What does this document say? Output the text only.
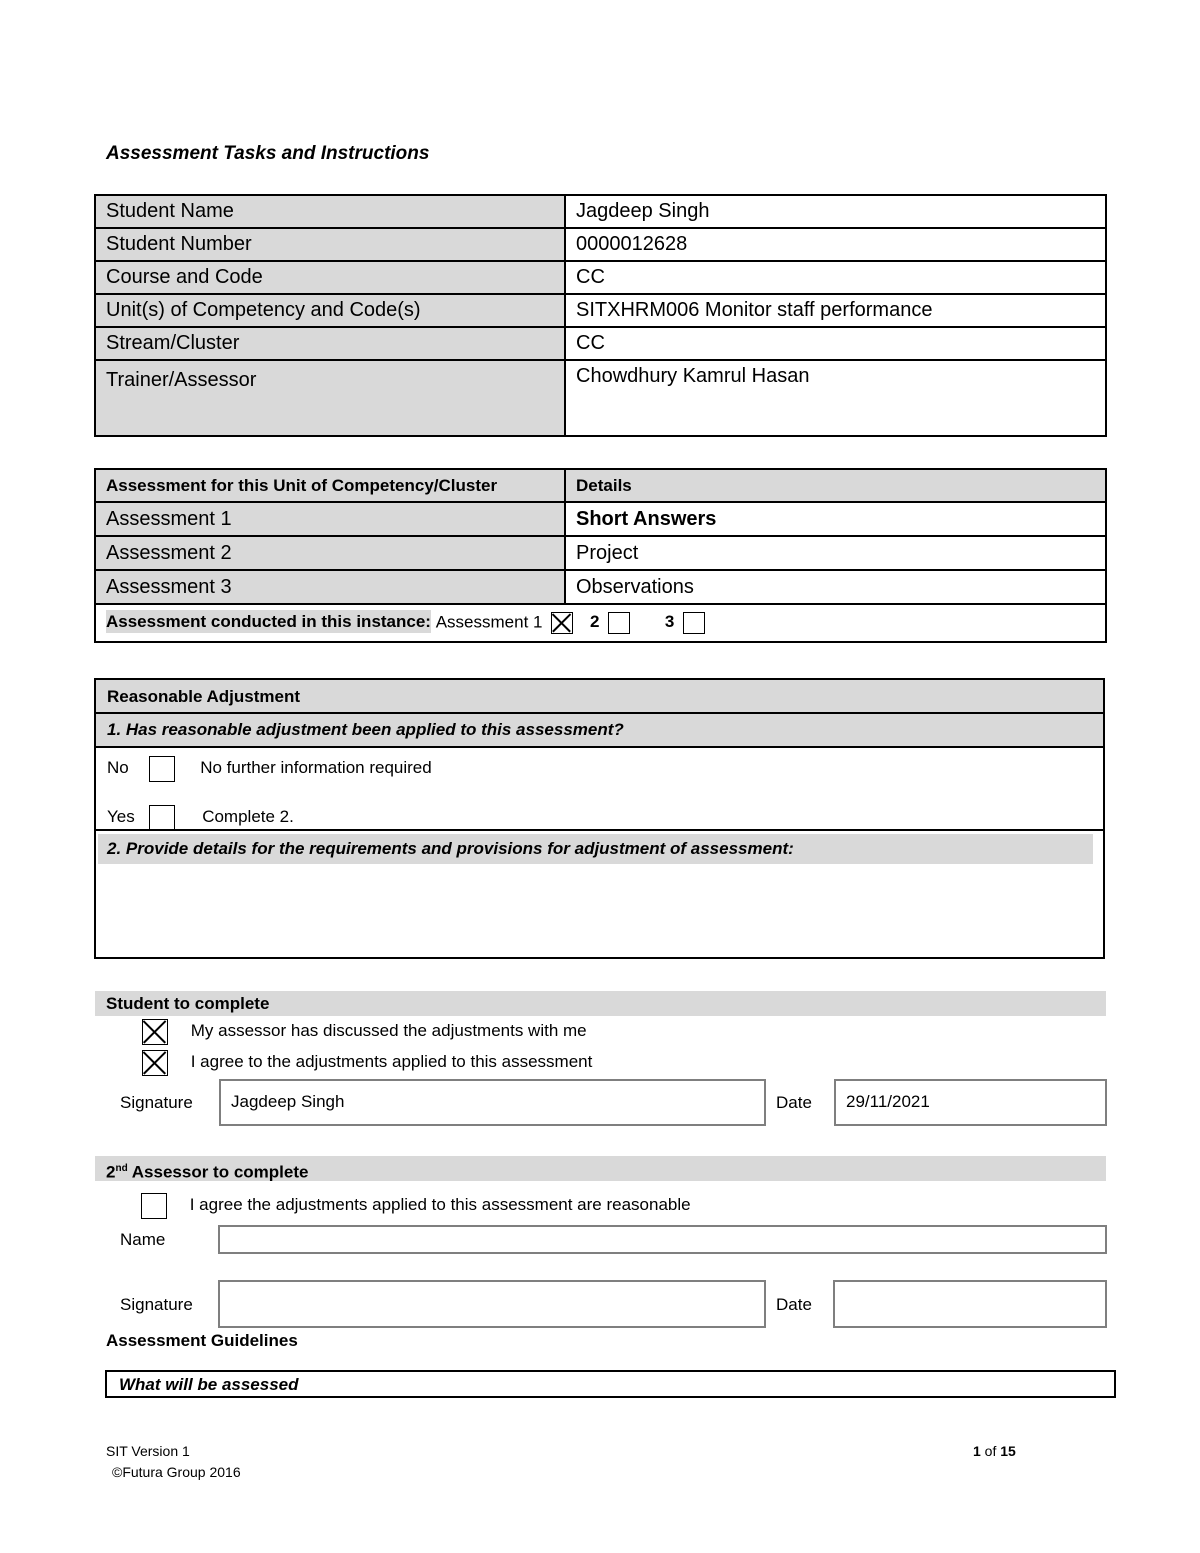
Assessment Tasks and Instructions
Student Name	Jagdeep Singh
Student Number	0000012628
Course and Code	CC
Unit(s) of Competency and Code(s)	SITXHRM006 Monitor staff performance
Stream/Cluster	CC
Trainer/Assessor	Chowdhury Kamrul Hasan
Assessment for this Unit of Competency/Cluster	Details
Assessment 1	Short Answers
Assessment 2	Project
Assessment 3	Observations
Assessment conducted in this instance: Assessment 1 2 3	
Reasonable Adjustment
1. Has reasonable adjustment been applied to this assessment?
No	No further information required
Yes	Complete 2.
2. Provide details for the requirements and provisions for adjustment of assessment:
Student to complete
My assessor has discussed the adjustments with me
I agree to the adjustments applied to this assessment
Signature	Jagdeep Singh	Date	29/11/2021
2nd Assessor to complete
I agree the adjustments applied to this assessment are reasonable
Name
Signature	Date
Assessment Guidelines
What will be assessed
SIT Version 1
©Futura Group 2016
1 of 15
